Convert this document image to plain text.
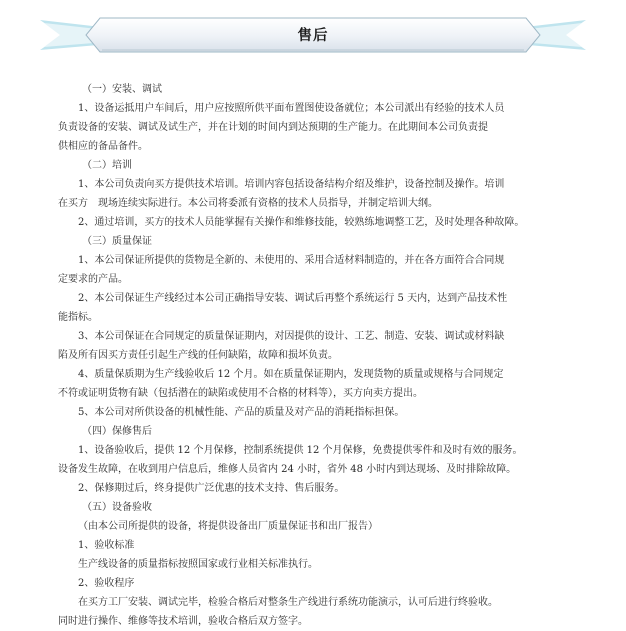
售后

（一）安装、调试

1、设备运抵用户车间后，用户应按照所供平面布置图使设备就位；本公司派出有经验的技术人员

负责设备的安装、调试及试生产，并在计划的时间内到达预期的生产能力。在此期间本公司负责提

供相应的备品备件。

（二）培训

1、本公司负责向买方提供技术培训。培训内容包括设备结构介绍及维护，设备控制及操作。培训

在买方　现场连续实际进行。本公司将委派有资格的技术人员指导，并制定培训大纲。

2、通过培训，买方的技术人员能掌握有关操作和维修技能，较熟练地调整工艺，及时处理各种故障。

（三）质量保证

1、本公司保证所提供的货物是全新的、未使用的、采用合适材料制造的，并在各方面符合合同规

定要求的产品。

2、本公司保证生产线经过本公司正确指导安装、调试后再整个系统运行 5 天内，达到产品技术性

能指标。

3、本公司保证在合同规定的质量保证期内，对因提供的设计、工艺、制造、安装、调试或材料缺

陷及所有因买方责任引起生产线的任何缺陷，故障和损坏负责。

4、质量保质期为生产线验收后 12 个月。如在质量保证期内，发现货物的质量或规格与合同规定

不符或证明货物有缺（包括潜在的缺陷或使用不合格的材料等），买方向卖方提出。

5、本公司对所供设备的机械性能、产品的质量及对产品的消耗指标担保。

（四）保修售后

1、设备验收后，提供 12 个月保修，控制系统提供 12 个月保修，免费提供零件和及时有效的服务。

设备发生故障，在收到用户信息后，维修人员省内 24 小时，省外 48 小时内到达现场、及时排除故障。

2、保修期过后，终身提供广泛优惠的技术支持、售后服务。

（五）设备验收

（由本公司所提供的设备，将提供设备出厂质量保证书和出厂报告）

1、验收标准

生产线设备的质量指标按照国家或行业相关标准执行。

2、验收程序

在买方工厂安装、调试完毕，检验合格后对整条生产线进行系统功能演示，认可后进行终验收。

同时进行操作、维修等技术培训，验收合格后双方签字。
